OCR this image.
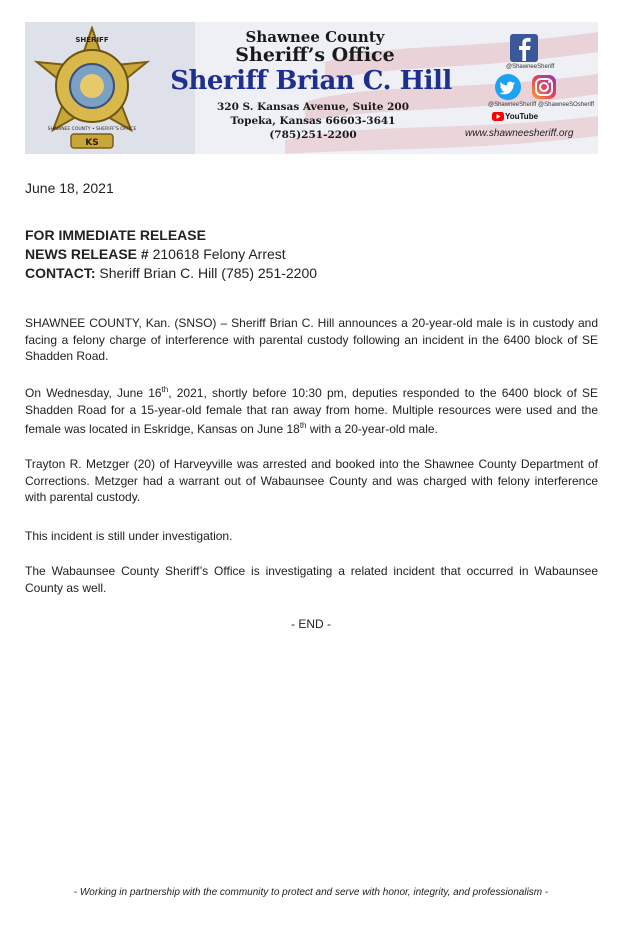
KS
SHERIFF
SHAWNEE COUNTY • SHERIFF'S OFFICE
Shawnee County
Sheriff’s Office
Sheriff Brian C. Hill
320 S. Kansas Avenue, Suite 200
Topeka, Kansas 66603-3641
(785)251-2200
@ShawneeSheriff
@ShawneeSheriff @ShawneeSOsheriff
YouTube
www.shawneesheriff.org
June 18, 2021
FOR IMMEDIATE RELEASE
NEWS RELEASE # 210618 Felony Arrest
CONTACT: Sheriff Brian C. Hill (785) 251-2200
SHAWNEE COUNTY, Kan. (SNSO) – Sheriff Brian C. Hill announces a 20-year-old male is in custody and facing a felony charge of interference with parental custody following an incident in the 6400 block of SE Shadden Road.
On Wednesday, June 16th, 2021, shortly before 10:30 pm, deputies responded to the 6400 block of SE Shadden Road for a 15-year-old female that ran away from home. Multiple resources were used and the female was located in Eskridge, Kansas on June 18th with a 20-year-old male.
Trayton R. Metzger (20) of Harveyville was arrested and booked into the Shawnee County Department of Corrections. Metzger had a warrant out of Wabaunsee County and was charged with felony interference with parental custody.
This incident is still under investigation.
The Wabaunsee County Sheriff’s Office is investigating a related incident that occurred in Wabaunsee County as well.
- END -
- Working in partnership with the community to protect and serve with honor, integrity, and professionalism -
